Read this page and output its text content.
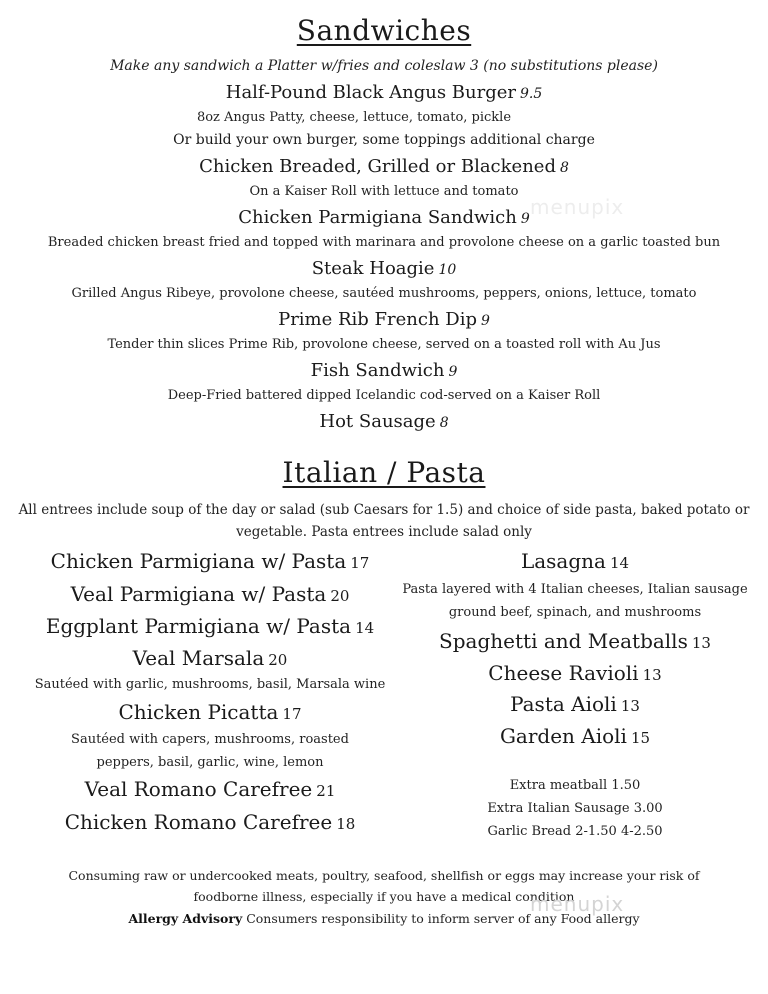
Sandwiches
Make any sandwich a Platter w/fries and coleslaw 3 (no substitutions please)
Half-Pound Black Angus Burger 9.5
8oz Angus Patty, cheese, lettuce, tomato, pickle
Or build your own burger, some toppings additional charge
Chicken Breaded, Grilled or Blackened 8
On a Kaiser Roll with lettuce and tomato
Chicken Parmigiana Sandwich 9
Breaded chicken breast fried and topped with marinara and provolone cheese on a garlic toasted bun
Steak Hoagie 10
Grilled Angus Ribeye, provolone cheese, sautéed mushrooms, peppers, onions, lettuce, tomato
Prime Rib French Dip 9
Tender thin slices Prime Rib, provolone cheese, served on a toasted roll with Au Jus
Fish Sandwich 9
Deep-Fried battered dipped Icelandic cod-served on a Kaiser Roll
Hot Sausage 8
Italian / Pasta
All entrees include soup of the day or salad (sub Caesars for 1.5) and choice of side pasta, baked potato or
vegetable. Pasta entrees include salad only
Chicken Parmigiana w/ Pasta 17
Veal Parmigiana w/ Pasta 20
Eggplant Parmigiana w/ Pasta 14
Veal Marsala 20
Sautéed with garlic, mushrooms, basil, Marsala wine
Chicken Picatta 17
Sautéed with capers, mushrooms, roasted
peppers, basil, garlic, wine, lemon
Veal Romano Carefree 21
Chicken Romano Carefree 18
Lasagna 14
Pasta layered with 4 Italian cheeses, Italian sausage
ground beef, spinach, and mushrooms
Spaghetti and Meatballs 13
Cheese Ravioli 13
Pasta Aioli 13
Garden Aioli 15
Extra meatball 1.50
Extra Italian Sausage 3.00
Garlic Bread 2-1.50 4-2.50
Consuming raw or undercooked meats, poultry, seafood, shellfish or eggs may increase your risk of
foodborne illness, especially if you have a medical condition
Allergy Advisory Consumers responsibility to inform server of any Food allergy
menupix
menupix
